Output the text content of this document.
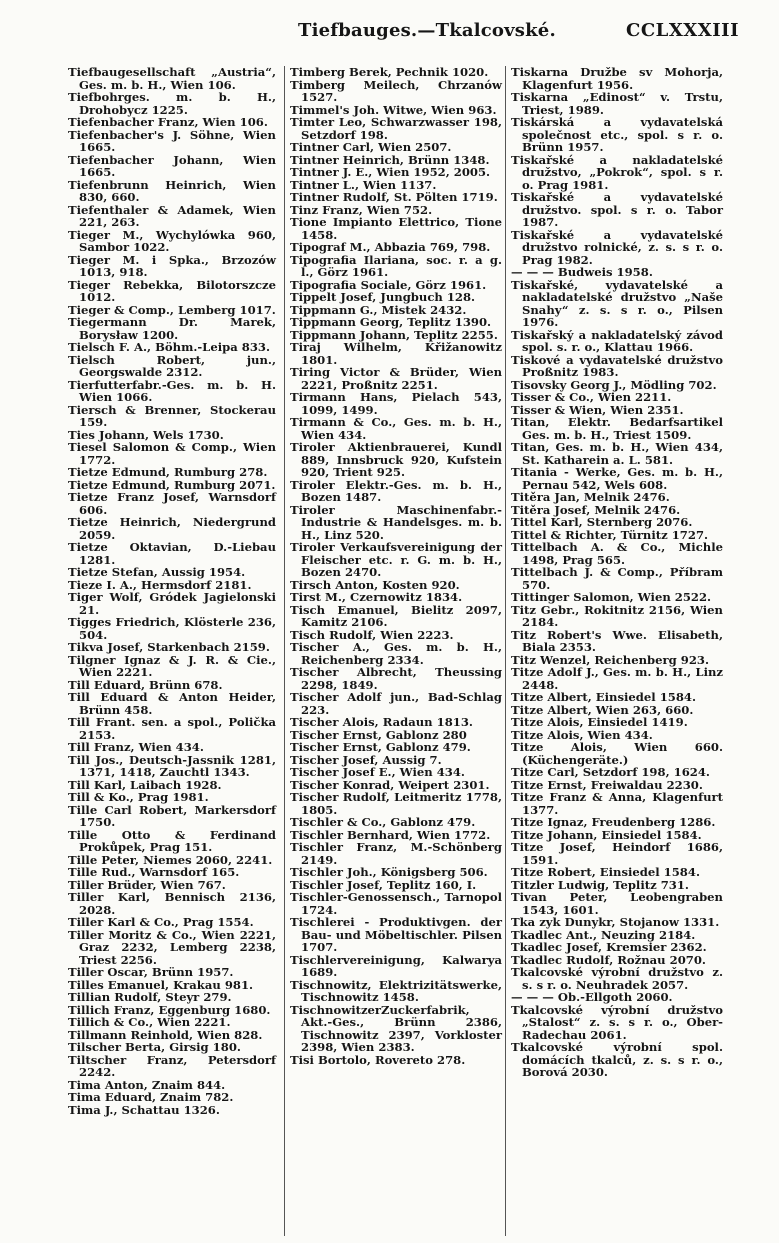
Tiefbauges.—Tkalcovské.	CCLXXXIII
Tiefbaugesellschaft „Austria“, Ges. m. b. H., Wien 106.
Tiefbohrges. m. b. H., Drohobycz 1225.
Tiefenbacher Franz, Wien 106.
Tiefenbacher's J. Söhne, Wien 1665.
Tiefenbacher Johann, Wien 1665.
Tiefenbrunn Heinrich, Wien 830, 660.
Tiefenthaler & Adamek, Wien 221, 263.
Tieger M., Wychylówka 960, Sambor 1022.
Tieger M. i Spka., Brzozów 1013, 918.
Tieger Rebekka, Bilotorszcze 1012.
Tieger & Comp., Lemberg 1017.
Tiegermann Dr. Marek, Borysław 1200.
Tielsch F. A., Böhm.-Leipa 833.
Tielsch Robert, jun., Georgswalde 2312.
Tierfutterfabr.-Ges. m. b. H. Wien 1066.
Tiersch & Brenner, Stockerau 159.
Ties Johann, Wels 1730.
Tiesel Salomon & Comp., Wien 1772.
Tietze Edmund, Rumburg 278.
Tietze Edmund, Rumburg 2071.
Tietze Franz Josef, Warnsdorf 606.
Tietze Heinrich, Niedergrund 2059.
Tietze Oktavian, D.-Liebau 1281.
Tietze Stefan, Aussig 1954.
Tieze I. A., Hermsdorf 2181.
Tiger Wolf, Gródek Jagielonski 21.
Tigges Friedrich, Klösterle 236, 504.
Tikva Josef, Starkenbach 2159.
Tilgner Ignaz & J. R. & Cie., Wien 2221.
Till Eduard, Brünn 678.
Till Eduard & Anton Heider, Brünn 458.
Till Frant. sen. a spol., Polička 2153.
Till Franz, Wien 434.
Till Jos., Deutsch-Jassnik 1281, 1371, 1418, Zauchtl 1343.
Till Karl, Laibach 1928.
Till & Ko., Prag 1981.
Tille Carl Robert, Markersdorf 1750.
Tille Otto & Ferdinand Prokůpek, Prag 151.
Tille Peter, Niemes 2060, 2241.
Tille Rud., Warnsdorf 165.
Tiller Brüder, Wien 767.
Tiller Karl, Bennisch 2136, 2028.
Tiller Karl & Co., Prag 1554.
Tiller Moritz & Co., Wien 2221, Graz 2232, Lemberg 2238, Triest 2256.
Tiller Oscar, Brünn 1957.
Tilles Emanuel, Krakau 981.
Tillian Rudolf, Steyr 279.
Tillich Franz, Eggenburg 1680.
Tillich & Co., Wien 2221.
Tillmann Reinhold, Wien 828.
Tilscher Berta, Girsig 180.
Tiltscher Franz, Petersdorf 2242.
Tima Anton, Znaim 844.
Tima Eduard, Znaim 782.
Tima J., Schattau 1326.
Timberg Berek, Pechnik 1020.
Timberg Meilech, Chrzanów 1527.
Timmel's Joh. Witwe, Wien 963.
Timter Leo, Schwarzwasser 198, Setzdorf 198.
Tintner Carl, Wien 2507.
Tintner Heinrich, Brünn 1348.
Tintner J. E., Wien 1952, 2005.
Tintner L., Wien 1137.
Tintner Rudolf, St. Pölten 1719.
Tinz Franz, Wien 752.
Tione Impianto Elettrico, Tione 1458.
Tipograf M., Abbazia 769, 798.
Tipografia Ilariana, soc. r. a g. l., Görz 1961.
Tipografia Sociale, Görz 1961.
Tippelt Josef, Jungbuch 128.
Tippmann G., Mistek 2432.
Tippmann Georg, Teplitz 1390.
Tippmann Johann, Teplitz 2255.
Tiraj Wilhelm, Křižanowitz 1801.
Tiring Victor & Brüder, Wien 2221, Proßnitz 2251.
Tirmann Hans, Pielach 543, 1099, 1499.
Tirmann & Co., Ges. m. b. H., Wien 434.
Tiroler Aktienbrauerei, Kundl 889, Innsbruck 920, Kufstein 920, Trient 925.
Tiroler Elektr.-Ges. m. b. H., Bozen 1487.
Tiroler Maschinenfabr.-Industrie & Handelsges. m. b. H., Linz 520.
Tiroler Verkaufsvereinigung der Fleischer etc. r. G. m. b. H., Bozen 2470.
Tirsch Anton, Kosten 920.
Tirst M., Czernowitz 1834.
Tisch Emanuel, Bielitz 2097, Kamitz 2106.
Tisch Rudolf, Wien 2223.
Tischer A., Ges. m. b. H., Reichenberg 2334.
Tischer Albrecht, Theussing 2298, 1849.
Tischer Adolf jun., Bad-Schlag 223.
Tischer Alois, Radaun 1813.
Tischer Ernst, Gablonz 280
Tischer Ernst, Gablonz 479.
Tischer Josef, Aussig 7.
Tischer Josef E., Wien 434.
Tischer Konrad, Weipert 2301.
Tischer Rudolf, Leitmeritz 1778, 1805.
Tischler & Co., Gablonz 479.
Tischler Bernhard, Wien 1772.
Tischler Franz, M.-Schönberg 2149.
Tischler Joh., Königsberg 506.
Tischler Josef, Teplitz 160, I.
Tischler-Genossensch., Tarnopol 1724.
Tischlerei - Produktivgen. der Bau- und Möbeltischler. Pilsen 1707.
Tischlervereinigung, Kalwarya 1689.
Tischnowitz, Elektrizitätswerke, Tischnowitz 1458.
TischnowitzerZuckerfabrik, Akt.-Ges., Brünn 2386, Tischnowitz 2397, Vorkloster 2398, Wien 2383.
Tisi Bortolo, Rovereto 278.
Tiskarna Družbe sv Mohorja, Klagenfurt 1956.
Tiskarna „Edinost“ v. Trstu, Triest, 1989.
Tiskárská a vydavatelská společnost etc., spol. s r. o. Brünn 1957.
Tiskařské a nakladatelské družstvo, „Pokrok“, spol. s r. o. Prag 1981.
Tiskařské a vydavatelské družstvo. spol. s r. o. Tabor 1987.
Tiskařské a vydavatelské družstvo rolnické, z. s. s r. o. Prag 1982.
— — — Budweis 1958.
Tiskařské, vydavatelské a nakladatelské družstvo „Naše Snahy“ z. s. s r. o., Pilsen 1976.
Tiskařský a nakladatelský závod spol. s. r. o., Klattau 1966.
Tiskové a vydavatelské družstvo Proßnitz 1983.
Tisovsky Georg J., Mödling 702.
Tisser & Co., Wien 2211.
Tisser & Wien, Wien 2351.
Titan, Elektr. Bedarfsartikel Ges. m. b. H., Triest 1509.
Titan, Ges. m. b. H., Wien 434, St. Katharein a. L. 581.
Titania - Werke, Ges. m. b. H., Pernau 542, Wels 608.
Titěra Jan, Melnik 2476.
Titěra Josef, Melnik 2476.
Tittel Karl, Sternberg 2076.
Tittel & Richter, Türnitz 1727.
Tittelbach A. & Co., Michle 1498, Prag 565.
Tittelbach J. & Comp., Příbram 570.
Tittinger Salomon, Wien 2522.
Titz Gebr., Rokitnitz 2156, Wien 2184.
Titz Robert's Wwe. Elisabeth, Biala 2353.
Titz Wenzel, Reichenberg 923.
Titze Adolf J., Ges. m. b. H., Linz 2448.
Titze Albert, Einsiedel 1584.
Titze Albert, Wien 263, 660.
Titze Alois, Einsiedel 1419.
Titze Alois, Wien 434.
Titze Alois, Wien 660. (Küchengeräte.)
Titze Carl, Setzdorf 198, 1624.
Titze Ernst, Freiwaldau 2230.
Titze Franz & Anna, Klagenfurt 1377.
Titze Ignaz, Freudenberg 1286.
Titze Johann, Einsiedel 1584.
Titze Josef, Heindorf 1686, 1591.
Titze Robert, Einsiedel 1584.
Titzler Ludwig, Teplitz 731.
Tivan Peter, Leobengraben 1543, 1601.
Tka zyk Dunykr, Stojanow 1331.
Tkadlec Ant., Neuzing 2184.
Tkadlec Josef, Kremsier 2362.
Tkadlec Rudolf, Rožnau 2070.
Tkalcovské výrobní družstvo z. s. s r. o. Neuhradek 2057.
— — — Ob.-Ellgoth 2060.
Tkalcovské výrobní družstvo „Stalost“ z. s. s r. o., Ober-Radechau 2061.
Tkalcovské výrobní spol. domácích tkalců, z. s. s r. o., Borová 2030.
